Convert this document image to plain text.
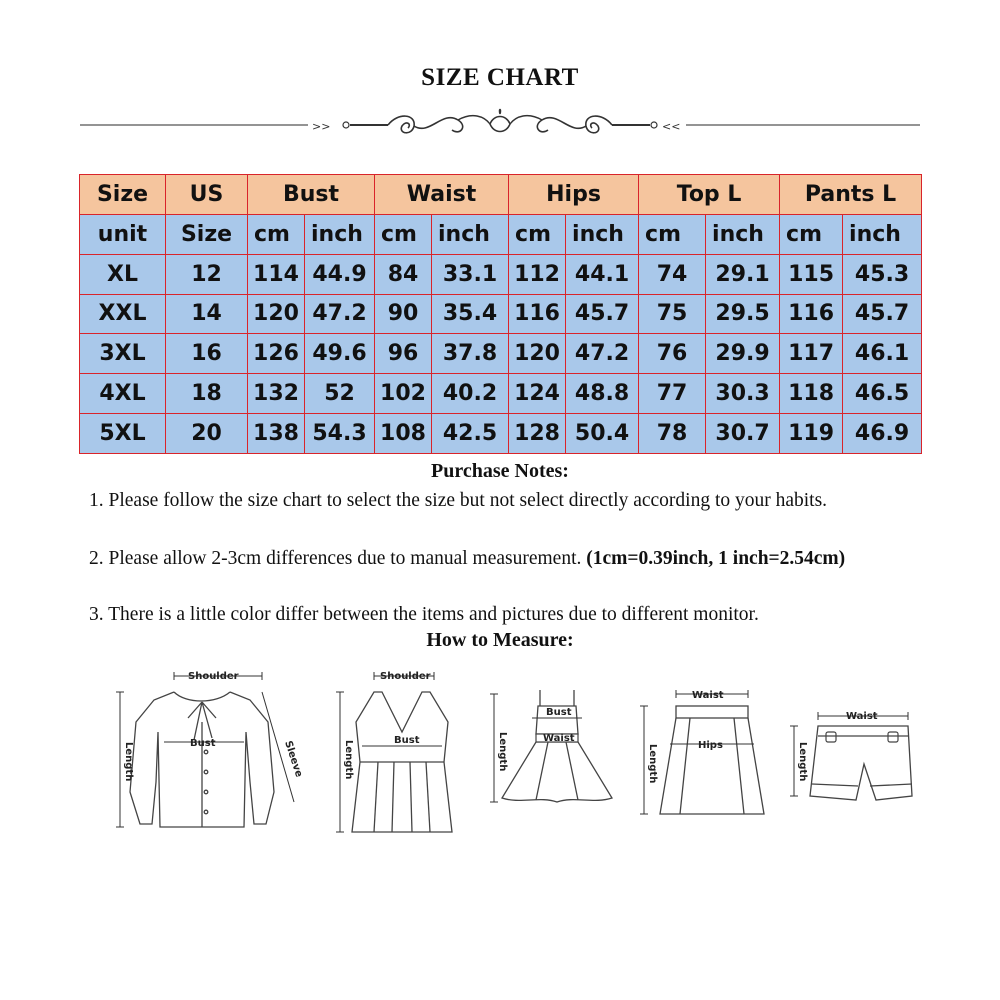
SIZE CHART
>>	<<
Size	US	Bust		Waist		Hips		Top L		Pants L	
unit	Size	cm	inch	cm	inch	cm	inch	cm	inch	cm	inch
XL	12	114	44.9	84	33.1	112	44.1	74	29.1	115	45.3
XXL	14	120	47.2	90	35.4	116	45.7	75	29.5	116	45.7
3XL	16	126	49.6	96	37.8	120	47.2	76	29.9	117	46.1
4XL	18	132	52	102	40.2	124	48.8	77	30.3	118	46.5
5XL	20	138	54.3	108	42.5	128	50.4	78	30.7	119	46.9
Purchase Notes:
1. Please follow the size chart to select the size but not select directly according to your habits.
2. Please allow 2-3cm differences due to manual measurement. (1cm=0.39inch, 1 inch=2.54cm)
3. There is a little color differ between the items and pictures due to different monitor.
How to Measure:
Shoulder
Bust	Sleeve
Length
Shoulder
Bust
Length
Bust
Waist
Length
Waist
Hips
Length
Waist
Length
